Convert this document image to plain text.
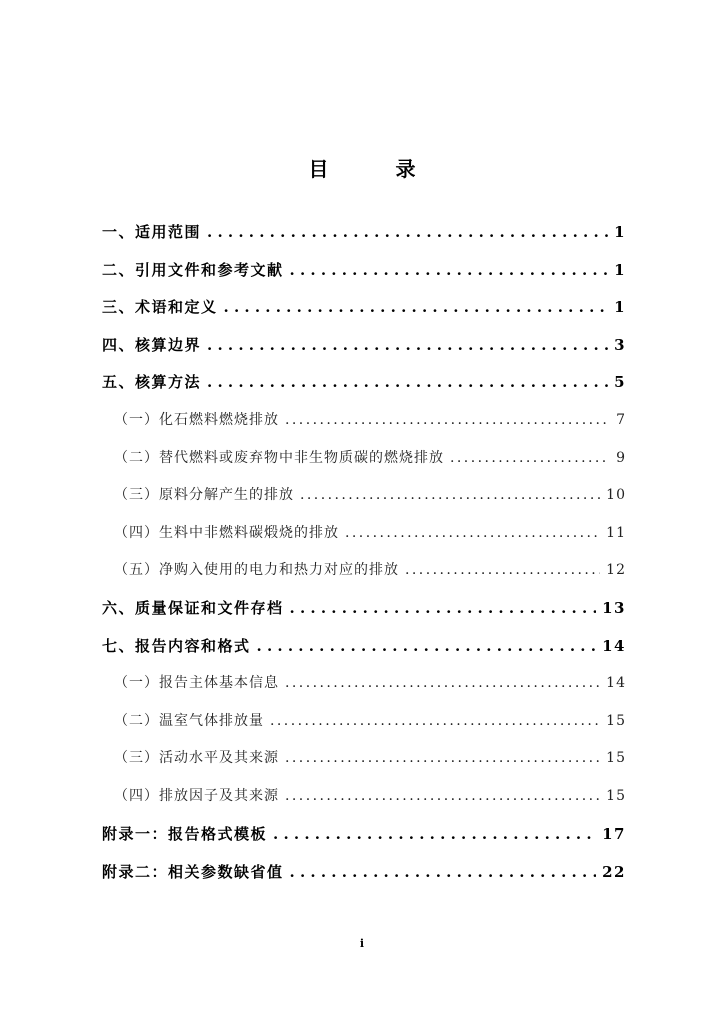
目 录
一、适用范围 . . .	1
二、引用文件和参考文献 . . .	1
三、术语和定义 . . .	1
四、核算边界 . . .	3
五、核算方法 . . .	5
（一）化石燃料燃烧排放 . . .	7
（二）替代燃料或废弃物中非生物质碳的燃烧排放 . . .	9
（三）原料分解产生的排放 . . .	10
（四）生料中非燃料碳煅烧的排放 . . .	11
（五）净购入使用的电力和热力对应的排放 . . .	12
六、质量保证和文件存档 . . .	13
七、报告内容和格式 . . .	14
（一）报告主体基本信息 . . .	14
（二）温室气体排放量 . . .	15
（三）活动水平及其来源 . . .	15
（四）排放因子及其来源 . . .	15
附录一：报告格式模板 . . .	17
附录二：相关参数缺省值 . . .	22
i
